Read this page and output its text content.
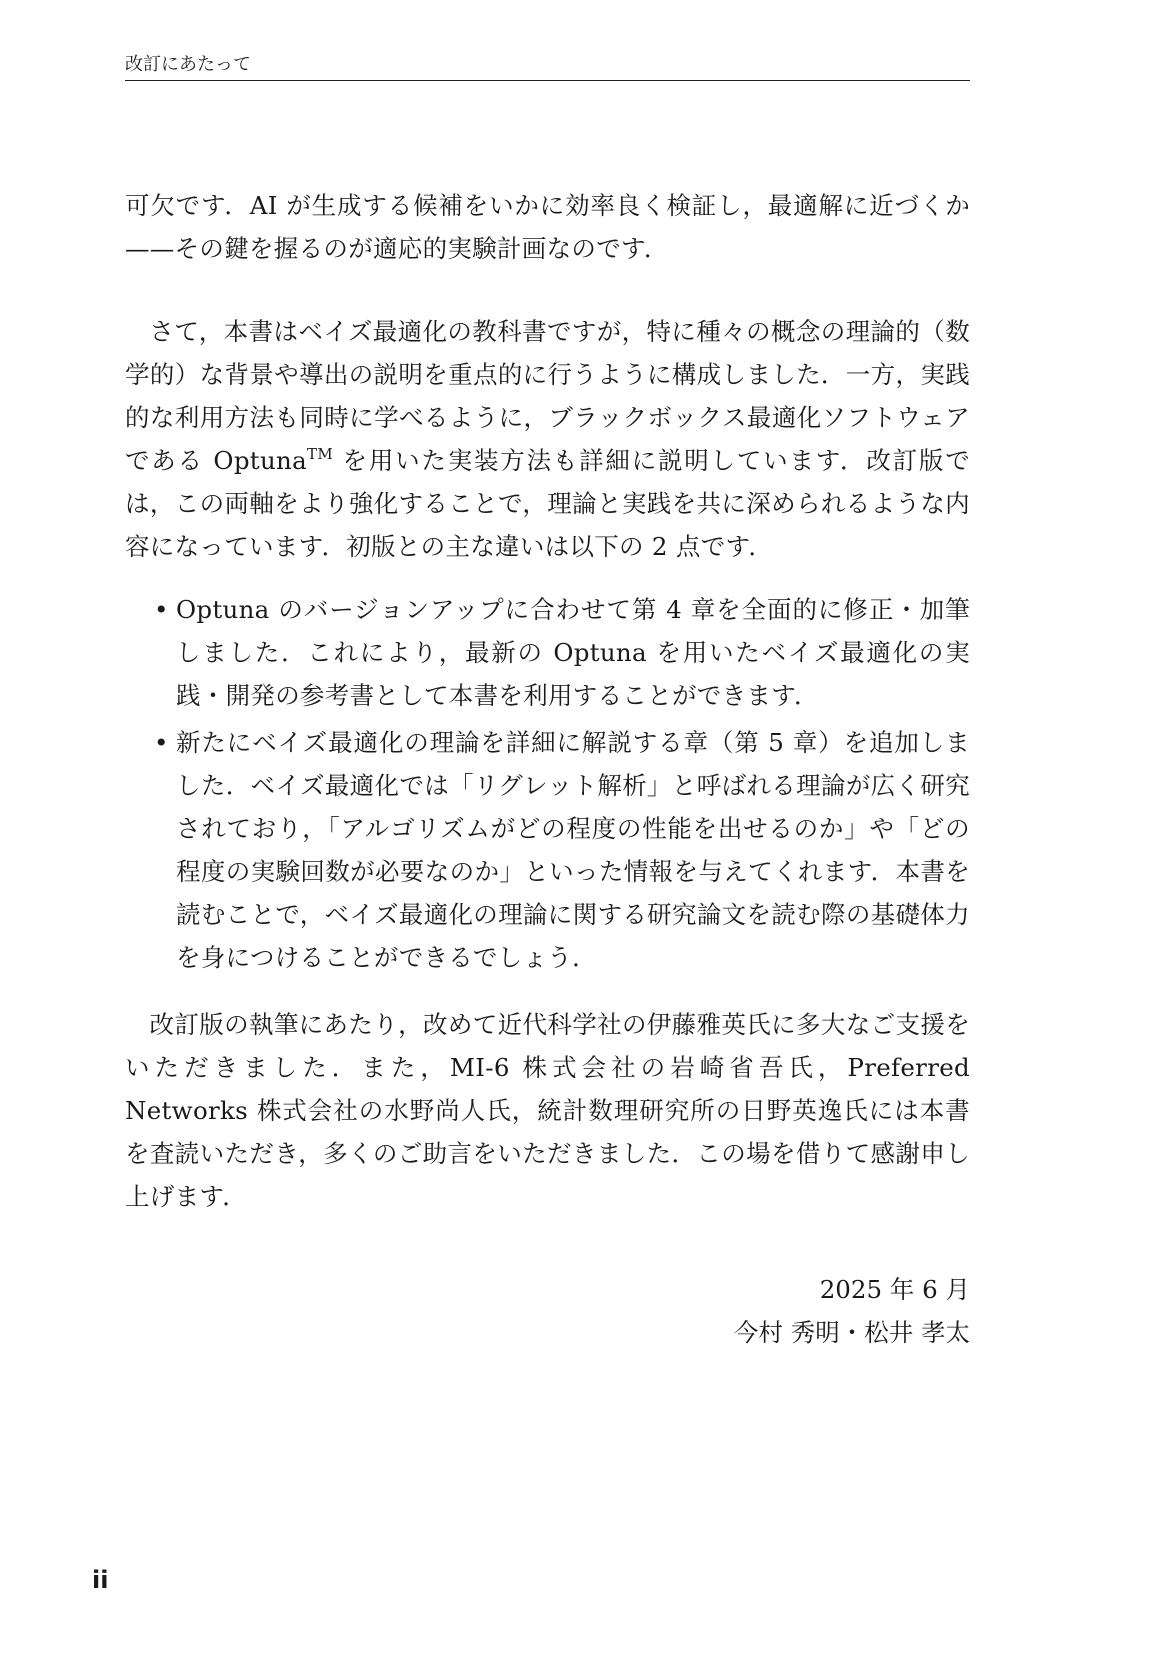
改訂にあたって

可欠です．AI が生成する候補をいかに効率良く検証し，最適解に近づくか——その鍵を握るのが適応的実験計画なのです．

さて，本書はベイズ最適化の教科書ですが，特に種々の概念の理論的（数学的）な背景や導出の説明を重点的に行うように構成しました．一方，実践的な利用方法も同時に学べるように，ブラックボックス最適化ソフトウェアである Optuna™ を用いた実装方法も詳細に説明しています．改訂版では，この両軸をより強化することで，理論と実践を共に深められるような内容になっています．初版との主な違いは以下の 2 点です．

• Optuna のバージョンアップに合わせて第 4 章を全面的に修正・加筆しました．これにより，最新の Optuna を用いたベイズ最適化の実践・開発の参考書として本書を利用することができます．
• 新たにベイズ最適化の理論を詳細に解説する章（第 5 章）を追加しました．ベイズ最適化では「リグレット解析」と呼ばれる理論が広く研究されており，「アルゴリズムがどの程度の性能を出せるのか」や「どの程度の実験回数が必要なのか」といった情報を与えてくれます．本書を読むことで，ベイズ最適化の理論に関する研究論文を読む際の基礎体力を身につけることができるでしょう．

改訂版の執筆にあたり，改めて近代科学社の伊藤雅英氏に多大なご支援をいただきました．また，MI-6 株式会社の岩崎省吾氏，Preferred Networks 株式会社の水野尚人氏，統計数理研究所の日野英逸氏には本書を査読いただき，多くのご助言をいただきました．この場を借りて感謝申し上げます．

2025 年 6 月
今村 秀明・松井 孝太
ii
